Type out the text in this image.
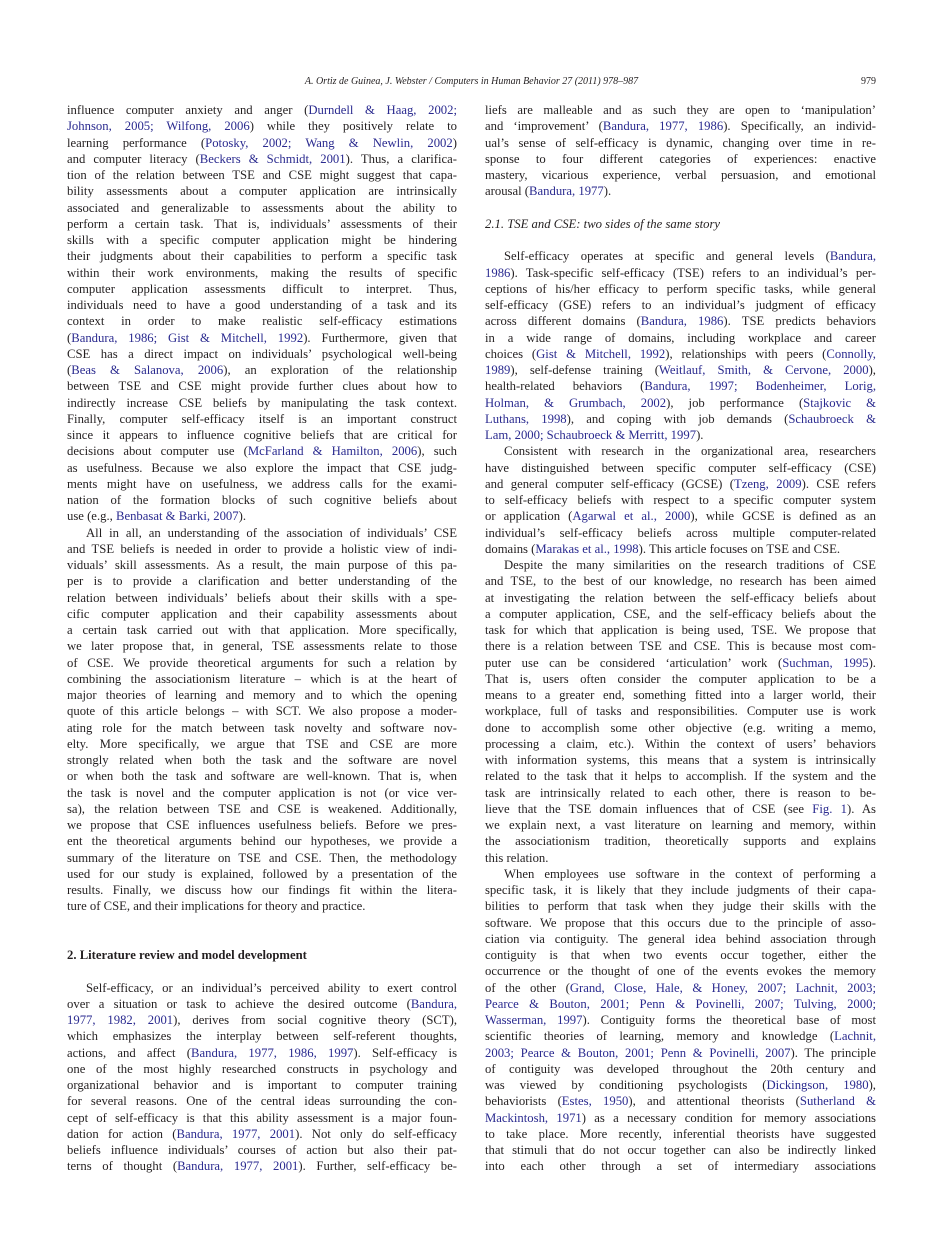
A. Ortiz de Guinea, J. Webster / Computers in Human Behavior 27 (2011) 978–987	979
influence computer anxiety and anger (Durndell & Haag, 2002;
Johnson, 2005; Wilfong, 2006) while they positively relate to
learning performance (Potosky, 2002; Wang & Newlin, 2002)
and computer literacy (Beckers & Schmidt, 2001). Thus, a clarifica-
tion of the relation between TSE and CSE might suggest that capa-
bility assessments about a computer application are intrinsically
associated and generalizable to assessments about the ability to
perform a certain task. That is, individuals’ assessments of their
skills with a specific computer application might be hindering
their judgments about their capabilities to perform a specific task
within their work environments, making the results of specific
computer application assessments difficult to interpret. Thus,
individuals need to have a good understanding of a task and its
context in order to make realistic self-efficacy estimations
(Bandura, 1986; Gist & Mitchell, 1992). Furthermore, given that
CSE has a direct impact on individuals’ psychological well-being
(Beas & Salanova, 2006), an exploration of the relationship
between TSE and CSE might provide further clues about how to
indirectly increase CSE beliefs by manipulating the task context.
Finally, computer self-efficacy itself is an important construct
since it appears to influence cognitive beliefs that are critical for
decisions about computer use (McFarland & Hamilton, 2006), such
as usefulness. Because we also explore the impact that CSE judg-
ments might have on usefulness, we address calls for the exami-
nation of the formation blocks of such cognitive beliefs about
use (e.g., Benbasat & Barki, 2007).
All in all, an understanding of the association of individuals’ CSE
and TSE beliefs is needed in order to provide a holistic view of indi-
viduals’ skill assessments. As a result, the main purpose of this pa-
per is to provide a clarification and better understanding of the
relation between individuals’ beliefs about their skills with a spe-
cific computer application and their capability assessments about
a certain task carried out with that application. More specifically,
we later propose that, in general, TSE assessments relate to those
of CSE. We provide theoretical arguments for such a relation by
combining the associationism literature – which is at the heart of
major theories of learning and memory and to which the opening
quote of this article belongs – with SCT. We also propose a moder-
ating role for the match between task novelty and software nov-
elty. More specifically, we argue that TSE and CSE are more
strongly related when both the task and the software are novel
or when both the task and software are well-known. That is, when
the task is novel and the computer application is not (or vice ver-
sa), the relation between TSE and CSE is weakened. Additionally,
we propose that CSE influences usefulness beliefs. Before we pres-
ent the theoretical arguments behind our hypotheses, we provide a
summary of the literature on TSE and CSE. Then, the methodology
used for our study is explained, followed by a presentation of the
results. Finally, we discuss how our findings fit within the litera-
ture of CSE, and their implications for theory and practice.
2. Literature review and model development
Self-efficacy, or an individual’s perceived ability to exert control
over a situation or task to achieve the desired outcome (Bandura,
1977, 1982, 2001), derives from social cognitive theory (SCT),
which emphasizes the interplay between self-referent thoughts,
actions, and affect (Bandura, 1977, 1986, 1997). Self-efficacy is
one of the most highly researched constructs in psychology and
organizational behavior and is important to computer training
for several reasons. One of the central ideas surrounding the con-
cept of self-efficacy is that this ability assessment is a major foun-
dation for action (Bandura, 1977, 2001). Not only do self-efficacy
beliefs influence individuals’ courses of action but also their pat-
terns of thought (Bandura, 1977, 2001). Further, self-efficacy be-
liefs are malleable and as such they are open to ‘manipulation’
and ‘improvement’ (Bandura, 1977, 1986). Specifically, an individ-
ual’s sense of self-efficacy is dynamic, changing over time in re-
sponse to four different categories of experiences: enactive
mastery, vicarious experience, verbal persuasion, and emotional
arousal (Bandura, 1977).
2.1. TSE and CSE: two sides of the same story
Self-efficacy operates at specific and general levels (Bandura,
1986). Task-specific self-efficacy (TSE) refers to an individual’s per-
ceptions of his/her efficacy to perform specific tasks, while general
self-efficacy (GSE) refers to an individual’s judgment of efficacy
across different domains (Bandura, 1986). TSE predicts behaviors
in a wide range of domains, including workplace and career
choices (Gist & Mitchell, 1992), relationships with peers (Connolly,
1989), self-defense training (Weitlauf, Smith, & Cervone, 2000),
health-related behaviors (Bandura, 1997; Bodenheimer, Lorig,
Holman, & Grumbach, 2002), job performance (Stajkovic &
Luthans, 1998), and coping with job demands (Schaubroeck &
Lam, 2000; Schaubroeck & Merritt, 1997).
Consistent with research in the organizational area, researchers
have distinguished between specific computer self-efficacy (CSE)
and general computer self-efficacy (GCSE) (Tzeng, 2009). CSE refers
to self-efficacy beliefs with respect to a specific computer system
or application (Agarwal et al., 2000), while GCSE is defined as an
individual’s self-efficacy beliefs across multiple computer-related
domains (Marakas et al., 1998). This article focuses on TSE and CSE.
Despite the many similarities on the research traditions of CSE
and TSE, to the best of our knowledge, no research has been aimed
at investigating the relation between the self-efficacy beliefs about
a computer application, CSE, and the self-efficacy beliefs about the
task for which that application is being used, TSE. We propose that
there is a relation between TSE and CSE. This is because most com-
puter use can be considered ‘articulation’ work (Suchman, 1995).
That is, users often consider the computer application to be a
means to a greater end, something fitted into a larger world, their
workplace, full of tasks and responsibilities. Computer use is work
done to accomplish some other objective (e.g. writing a memo,
processing a claim, etc.). Within the context of users’ behaviors
with information systems, this means that a system is intrinsically
related to the task that it helps to accomplish. If the system and the
task are intrinsically related to each other, there is reason to be-
lieve that the TSE domain influences that of CSE (see Fig. 1). As
we explain next, a vast literature on learning and memory, within
the associationism tradition, theoretically supports and explains
this relation.
When employees use software in the context of performing a
specific task, it is likely that they include judgments of their capa-
bilities to perform that task when they judge their skills with the
software. We propose that this occurs due to the principle of asso-
ciation via contiguity. The general idea behind association through
contiguity is that when two events occur together, either the
occurrence or the thought of one of the events evokes the memory
of the other (Grand, Close, Hale, & Honey, 2007; Lachnit, 2003;
Pearce & Bouton, 2001; Penn & Povinelli, 2007; Tulving, 2000;
Wasserman, 1997). Contiguity forms the theoretical base of most
scientific theories of learning, memory and knowledge (Lachnit,
2003; Pearce & Bouton, 2001; Penn & Povinelli, 2007). The principle
of contiguity was developed throughout the 20th century and
was viewed by conditioning psychologists (Dickingson, 1980),
behaviorists (Estes, 1950), and attentional theorists (Sutherland &
Mackintosh, 1971) as a necessary condition for memory associations
to take place. More recently, inferential theorists have suggested
that stimuli that do not occur together can also be indirectly linked
into each other through a set of intermediary associations
